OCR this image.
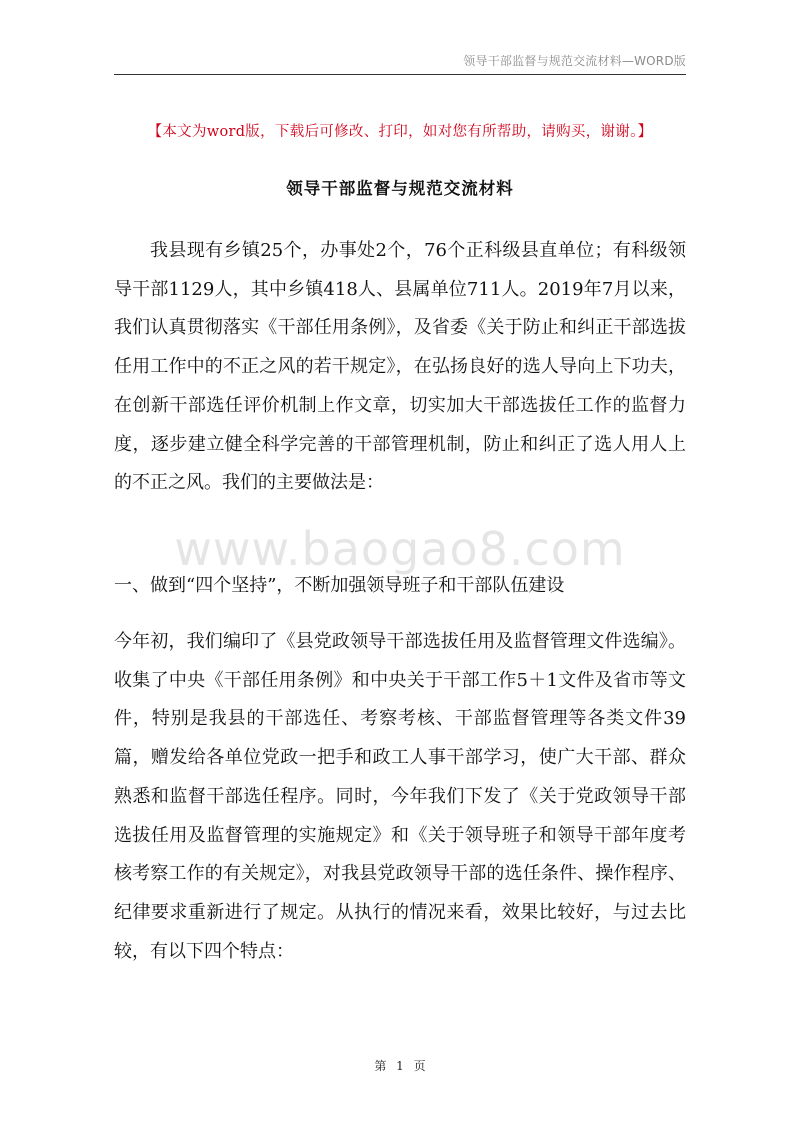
领导干部监督与规范交流材料—WORD版
【本文为word版，下载后可修改、打印，如对您有所帮助，请购买，谢谢。】
领导干部监督与规范交流材料

我县现有乡镇25个，办事处2个，76个正科级县直单位；有科级领导干部1129人，其中乡镇418人、县属单位711人。2019年7月以来，我们认真贯彻落实《干部任用条例》，及省委《关于防止和纠正干部选拔任用工作中的不正之风的若干规定》，在弘扬良好的选人导向上下功夫，在创新干部选任评价机制上作文章，切实加大干部选拔任工作的监督力度，逐步建立健全科学完善的干部管理机制，防止和纠正了选人用人上的不正之风。我们的主要做法是：

www.baogao8.com

一、做到“四个坚持”，不断加强领导班子和干部队伍建设

今年初，我们编印了《县党政领导干部选拔任用及监督管理文件选编》。收集了中央《干部任用条例》和中央关于干部工作5＋1文件及省市等文件，特别是我县的干部选任、考察考核、干部监督管理等各类文件39篇，赠发给各单位党政一把手和政工人事干部学习，使广大干部、群众熟悉和监督干部选任程序。同时，今年我们下发了《关于党政领导干部选拔任用及监督管理的实施规定》和《关于领导班子和领导干部年度考核考察工作的有关规定》，对我县党政领导干部的选任条件、操作程序、纪律要求重新进行了规定。从执行的情况来看，效果比较好，与过去比较，有以下四个特点：

第 1 页
